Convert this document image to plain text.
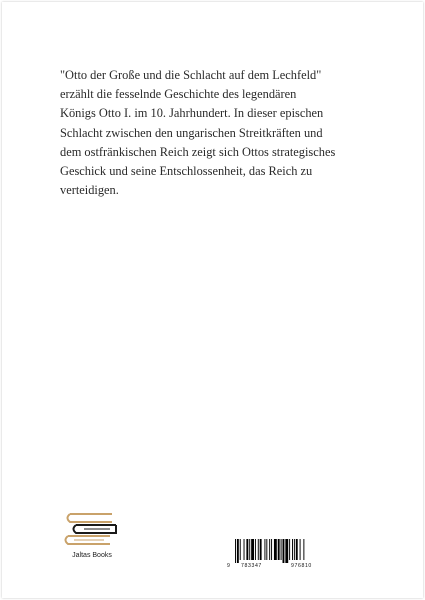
"Otto der Große und die Schlacht auf dem Lechfeld"
erzählt die fesselnde Geschichte des legendären
Königs Otto I. im 10. Jahrhundert. In dieser epischen
Schlacht zwischen den ungarischen Streitkräften und
dem ostfränkischen Reich zeigt sich Ottos strategisches
Geschick und seine Entschlossenheit, das Reich zu
verteidigen.
Jaltas Books
9 783347	976810
